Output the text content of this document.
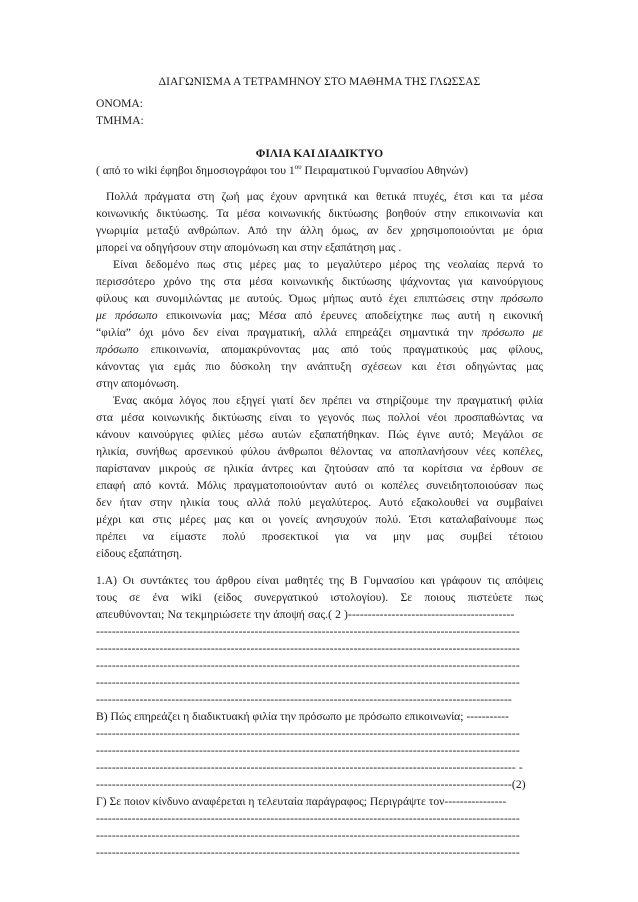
ΔΙΑΓΩΝΙΣΜΑ Α ΤΕΤΡΑΜΗΝΟΥ ΣΤΟ ΜΑΘΗΜΑ ΤΗΣ ΓΛΩΣΣΑΣ
ΟΝΟΜΑ:
ΤΜΗΜΑ:
ΦΙΛΙΑ ΚΑΙ ΔΙΑΔΙΚΤΥΟ
( από το wiki έφηβοι δημοσιογράφοι του $1^{o\upsilon}$ Πειραματικού Γυμνασίου Αθηνών)
Πολλά πράγματα στη ζωή μας έχουν αρνητικά και θετικά πτυχές, έτσι και τα μέσα
κοινωνικής δικτύωσης. Τα μέσα κοινωνικής δικτύωσης βοηθούν στην επικοινωνία και
γνωριμία μεταξύ ανθρώπων. Από την άλλη όμως, αν δεν χρησιμοποιούνται με όρια
μπορεί να οδηγήσουν στην απομόνωση και στην εξαπάτηση μας .
Είναι δεδομένο πως στις μέρες μας το μεγαλύτερο μέρος της νεολαίας περνά το
περισσότερο χρόνο της στα μέσα κοινωνικής δικτύωσης ψάχνοντας για καινούργιους
φίλους και συνομιλώντας με αυτούς. Όμως μήπως αυτό έχει επιπτώσεις στην πρόσωπο
με πρόσωπο επικοινωνία μας; Μέσα από έρευνες αποδείχτηκε πως αυτή η εικονική
“φιλία” όχι μόνο δεν είναι πραγματική, αλλά επηρεάζει σημαντικά την πρόσωπο με
πρόσωπο επικοινωνία, απομακρύνοντας μας από τούς πραγματικούς μας φίλους,
κάνοντας για εμάς πιο δύσκολη την ανάπτυξη σχέσεων και έτσι οδηγώντας μας
στην απομόνωση.
Ένας ακόμα λόγος που εξηγεί γιατί δεν πρέπει να στηρίζουμε την πραγματική φιλία
στα μέσα κοινωνικής δικτύωσης είναι το γεγονός πως πολλοί νέοι προσπαθώντας να
κάνουν καινούργιες φιλίες μέσω αυτών εξαπατήθηκαν. Πώς έγινε αυτό; Μεγάλοι σε
ηλικία, συνήθως αρσενικού φύλου άνθρωποι θέλοντας να αποπλανήσουν νέες κοπέλες,
παρίσταναν μικρούς σε ηλικία άντρες και ζητούσαν από τα κορίτσια να έρθουν σε
επαφή από κοντά. Μόλις πραγματοποιούνταν αυτό οι κοπέλες συνειδητοποιούσαν πως
δεν ήταν στην ηλικία τους αλλά πολύ μεγαλύτερος. Αυτό εξακολουθεί να συμβαίνει
μέχρι και στις μέρες μας και οι γονείς ανησυχούν πολύ. Έτσι καταλαβαίνουμε πως
πρέπει να είμαστε πολύ προσεκτικοί για να μην μας συμβεί τέτοιου
είδους εξαπάτηση.
1.Α) Οι συντάκτες του άρθρου είναι μαθητές της Β Γυμνασίου και γράφουν τις απόψεις
τους σε ένα wiki (είδος συνεργατικού ιστολογίου). Σε ποιους πιστεύετε πως
απευθύνονται; Να τεκμηριώσετε την άποψή σας.( 2 )------------------------------------------
-----------------------------------------------------------------------------------------------------------
-----------------------------------------------------------------------------------------------------------
-----------------------------------------------------------------------------------------------------------
-----------------------------------------------------------------------------------------------------------
---------------------------------------------------------------------------------------------------------
Β) Πώς επηρεάζει η διαδικτυακή φιλία την πρόσωπο με πρόσωπο επικοινωνία; -----------
-----------------------------------------------------------------------------------------------------------
-----------------------------------------------------------------------------------------------------------
---------------------------------------------------------------------------------------------------------- -
---------------------------------------------------------------------------------------------------------(2)
Γ) Σε ποιον κίνδυνο αναφέρεται η τελευταία παράγραφος; Περιγράψτε τον----------------
-----------------------------------------------------------------------------------------------------------
-----------------------------------------------------------------------------------------------------------
-----------------------------------------------------------------------------------------------------------
